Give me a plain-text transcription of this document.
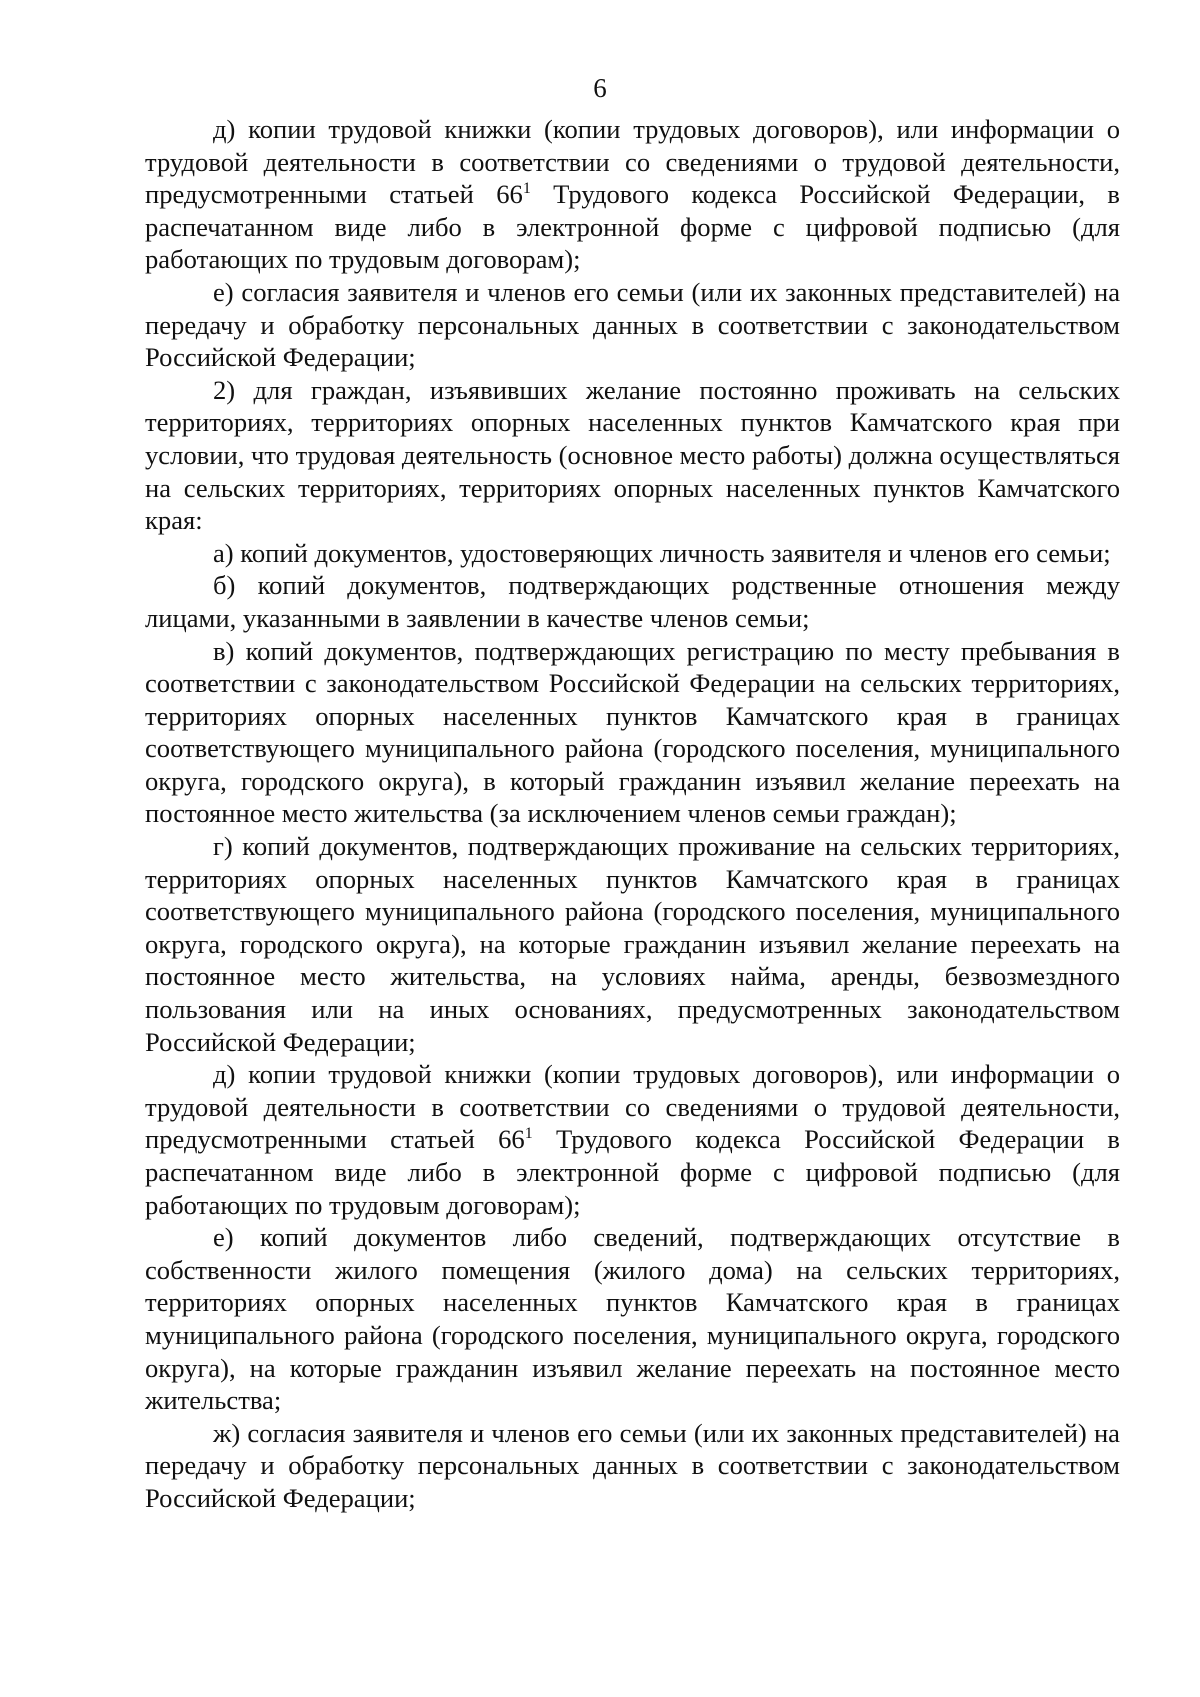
6

д) копии трудовой книжки (копии трудовых договоров), или информации о трудовой деятельности в соответствии со сведениями о трудовой деятельности, предусмотренными статьей $66^1$ Трудового кодекса Российской Федерации, в распечатанном виде либо в электронной форме с цифровой подписью (для работающих по трудовым договорам);

е) согласия заявителя и членов его семьи (или их законных представителей) на передачу и обработку персональных данных в соответствии с законодательством Российской Федерации;

2) для граждан, изъявивших желание постоянно проживать на сельских территориях, территориях опорных населенных пунктов Камчатского края при условии, что трудовая деятельность (основное место работы) должна осуществляться на сельских территориях, территориях опорных населенных пунктов Камчатского края:

а) копий документов, удостоверяющих личность заявителя и членов его семьи;

б) копий документов, подтверждающих родственные отношения между лицами, указанными в заявлении в качестве членов семьи;

в) копий документов, подтверждающих регистрацию по месту пребывания в соответствии с законодательством Российской Федерации на сельских территориях, территориях опорных населенных пунктов Камчатского края в границах соответствующего муниципального района (городского поселения, муниципального округа, городского округа), в который гражданин изъявил желание переехать на постоянное место жительства (за исключением членов семьи граждан);

г) копий документов, подтверждающих проживание на сельских территориях, территориях опорных населенных пунктов Камчатского края в границах соответствующего муниципального района (городского поселения, муниципального округа, городского округа), на которые гражданин изъявил желание переехать на постоянное место жительства, на условиях найма, аренды, безвозмездного пользования или на иных основаниях, предусмотренных законодательством Российской Федерации;

д) копии трудовой книжки (копии трудовых договоров), или информации о трудовой деятельности в соответствии со сведениями о трудовой деятельности, предусмотренными статьей $66^1$ Трудового кодекса Российской Федерации в распечатанном виде либо в электронной форме с цифровой подписью (для работающих по трудовым договорам);

е) копий документов либо сведений, подтверждающих отсутствие в собственности жилого помещения (жилого дома) на сельских территориях, территориях опорных населенных пунктов Камчатского края в границах муниципального района (городского поселения, муниципального округа, городского округа), на которые гражданин изъявил желание переехать на постоянное место жительства;

ж) согласия заявителя и членов его семьи (или их законных представителей) на передачу и обработку персональных данных в соответствии с законодательством Российской Федерации;
